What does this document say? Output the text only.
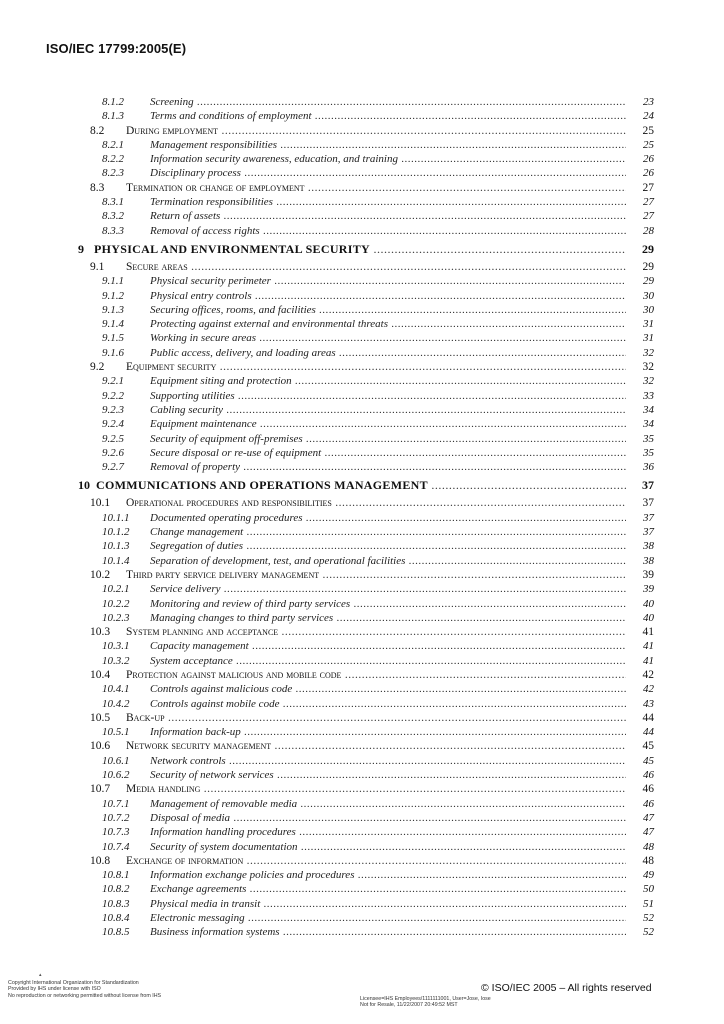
ISO/IEC 17799:2005(E)
8.1.2 Screening .....	23
8.1.3 Terms and conditions of employment .....	24
8.2 During employment .....	25
8.2.1 Management responsibilities .....	25
8.2.2 Information security awareness, education, and training .....	26
8.2.3 Disciplinary process .....	26
8.3 Termination or change of employment .....	27
8.3.1 Termination responsibilities .....	27
8.3.2 Return of assets .....	27
8.3.3 Removal of access rights .....	28
9 PHYSICAL AND ENVIRONMENTAL SECURITY .....	29
9.1 Secure areas .....	29
9.1.1 Physical security perimeter .....	29
9.1.2 Physical entry controls .....	30
9.1.3 Securing offices, rooms, and facilities .....	30
9.1.4 Protecting against external and environmental threats .....	31
9.1.5 Working in secure areas .....	31
9.1.6 Public access, delivery, and loading areas .....	32
9.2 Equipment security .....	32
9.2.1 Equipment siting and protection .....	32
9.2.2 Supporting utilities .....	33
9.2.3 Cabling security .....	34
9.2.4 Equipment maintenance .....	34
9.2.5 Security of equipment off-premises .....	35
9.2.6 Secure disposal or re-use of equipment .....	35
9.2.7 Removal of property .....	36
10 COMMUNICATIONS AND OPERATIONS MANAGEMENT .....	37
10.1 Operational procedures and responsibilities .....	37
10.1.1 Documented operating procedures .....	37
10.1.2 Change management .....	37
10.1.3 Segregation of duties .....	38
10.1.4 Separation of development, test, and operational facilities .....	38
10.2 Third party service delivery management .....	39
10.2.1 Service delivery .....	39
10.2.2 Monitoring and review of third party services .....	40
10.2.3 Managing changes to third party services .....	40
10.3 System planning and acceptance .....	41
10.3.1 Capacity management .....	41
10.3.2 System acceptance .....	41
10.4 Protection against malicious and mobile code .....	42
10.4.1 Controls against malicious code .....	42
10.4.2 Controls against mobile code .....	43
10.5 Back-up .....	44
10.5.1 Information back-up .....	44
10.6 Network security management .....	45
10.6.1 Network controls .....	45
10.6.2 Security of network services .....	46
10.7 Media handling .....	46
10.7.1 Management of removable media .....	46
10.7.2 Disposal of media .....	47
10.7.3 Information handling procedures .....	47
10.7.4 Security of system documentation .....	48
10.8 Exchange of information .....	48
10.8.1 Information exchange policies and procedures .....	49
10.8.2 Exchange agreements .....	50
10.8.3 Physical media in transit .....	51
10.8.4 Electronic messaging .....	52
10.8.5 Business information systems .....	52
▴
Copyright International Organization for Standardization
Provided by IHS under license with ISO
No reproduction or networking permitted without license from IHS
Licensee=IHS Employees/1111111001, User=Jose, Iose
Not for Resale, 11/22/2007 20:49:52 MST
© ISO/IEC 2005 – All rights reserved
